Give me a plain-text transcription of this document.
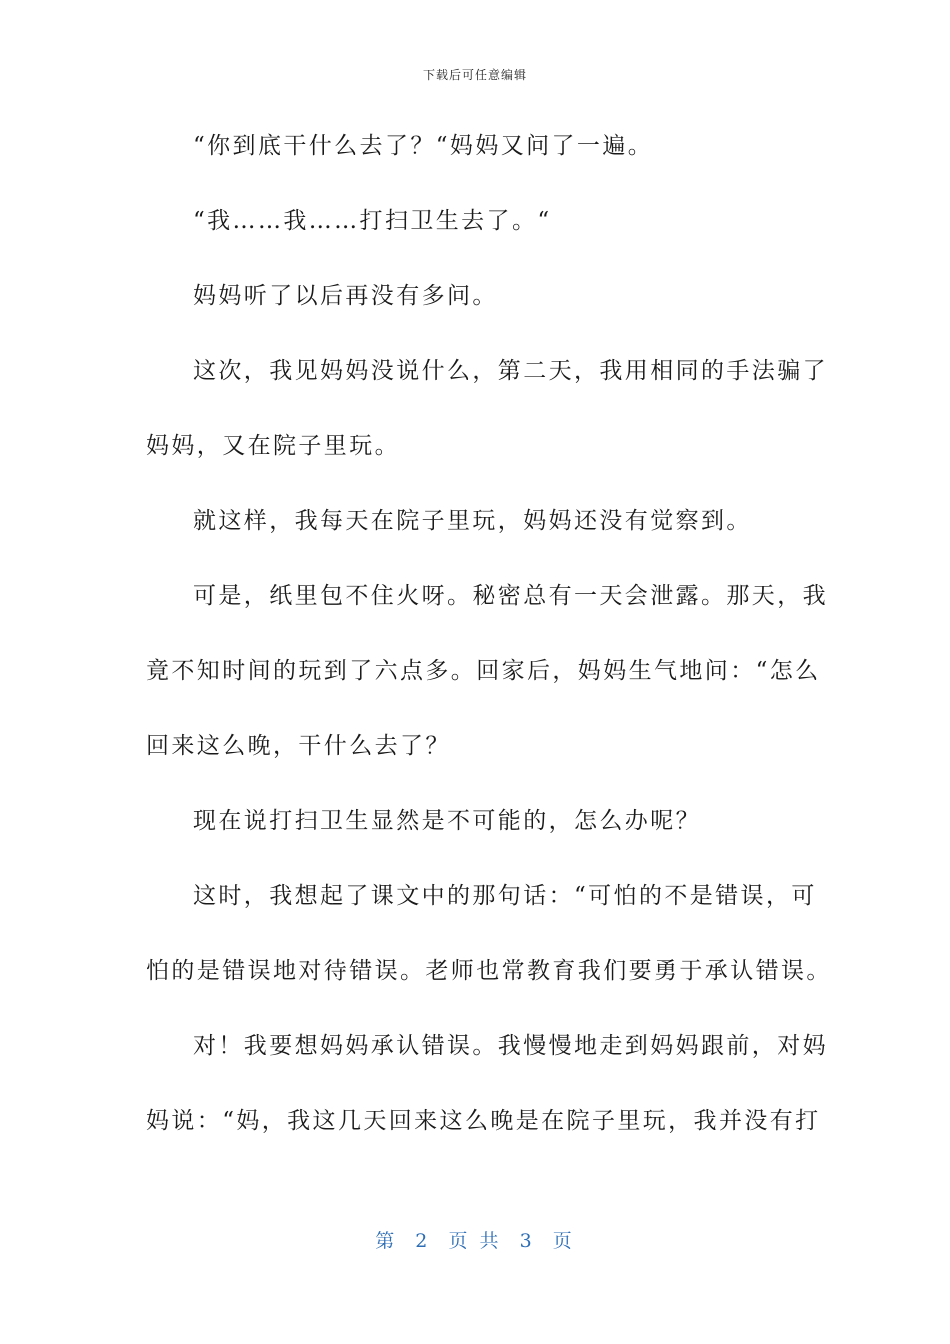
下载后可任意编辑
“你到底干什么去了？“妈妈又问了一遍。
“我……我……打扫卫生去了。“
妈妈听了以后再没有多问。
这次，我见妈妈没说什么，第二天，我用相同的手法骗了
妈妈，又在院子里玩。
就这样，我每天在院子里玩，妈妈还没有觉察到。
可是，纸里包不住火呀。秘密总有一天会泄露。那天，我
竟不知时间的玩到了六点多。回家后，妈妈生气地问：“怎么
回来这么晚，干什么去了？
现在说打扫卫生显然是不可能的，怎么办呢？
这时，我想起了课文中的那句话：“可怕的不是错误，可
怕的是错误地对待错误。老师也常教育我们要勇于承认错误。
对！我要想妈妈承认错误。我慢慢地走到妈妈跟前，对妈
妈说：“妈，我这几天回来这么晚是在院子里玩，我并没有打
第  2  页 共  3  页
